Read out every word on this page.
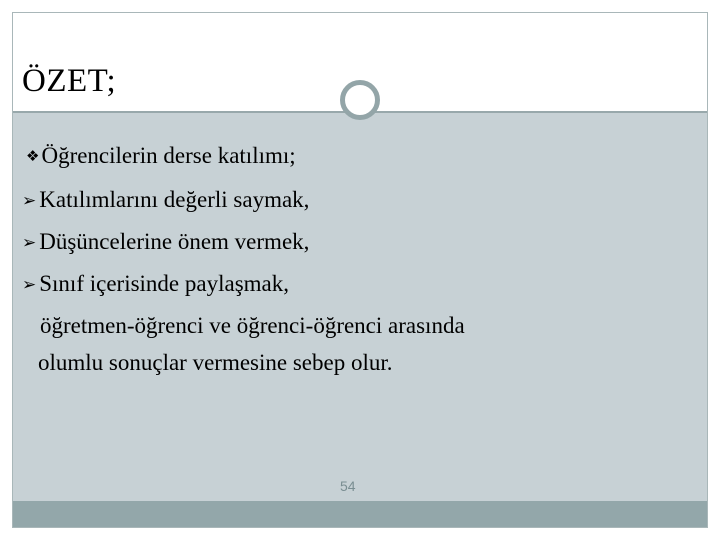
ÖZET;
❖Öğrencilerin derse katılımı;
➢ Katılımlarını değerli saymak,
➢ Düşüncelerine önem vermek,
➢ Sınıf içerisinde paylaşmak,
öğretmen-öğrenci ve öğrenci-öğrenci arasında
olumlu sonuçlar vermesine sebep olur.
54
